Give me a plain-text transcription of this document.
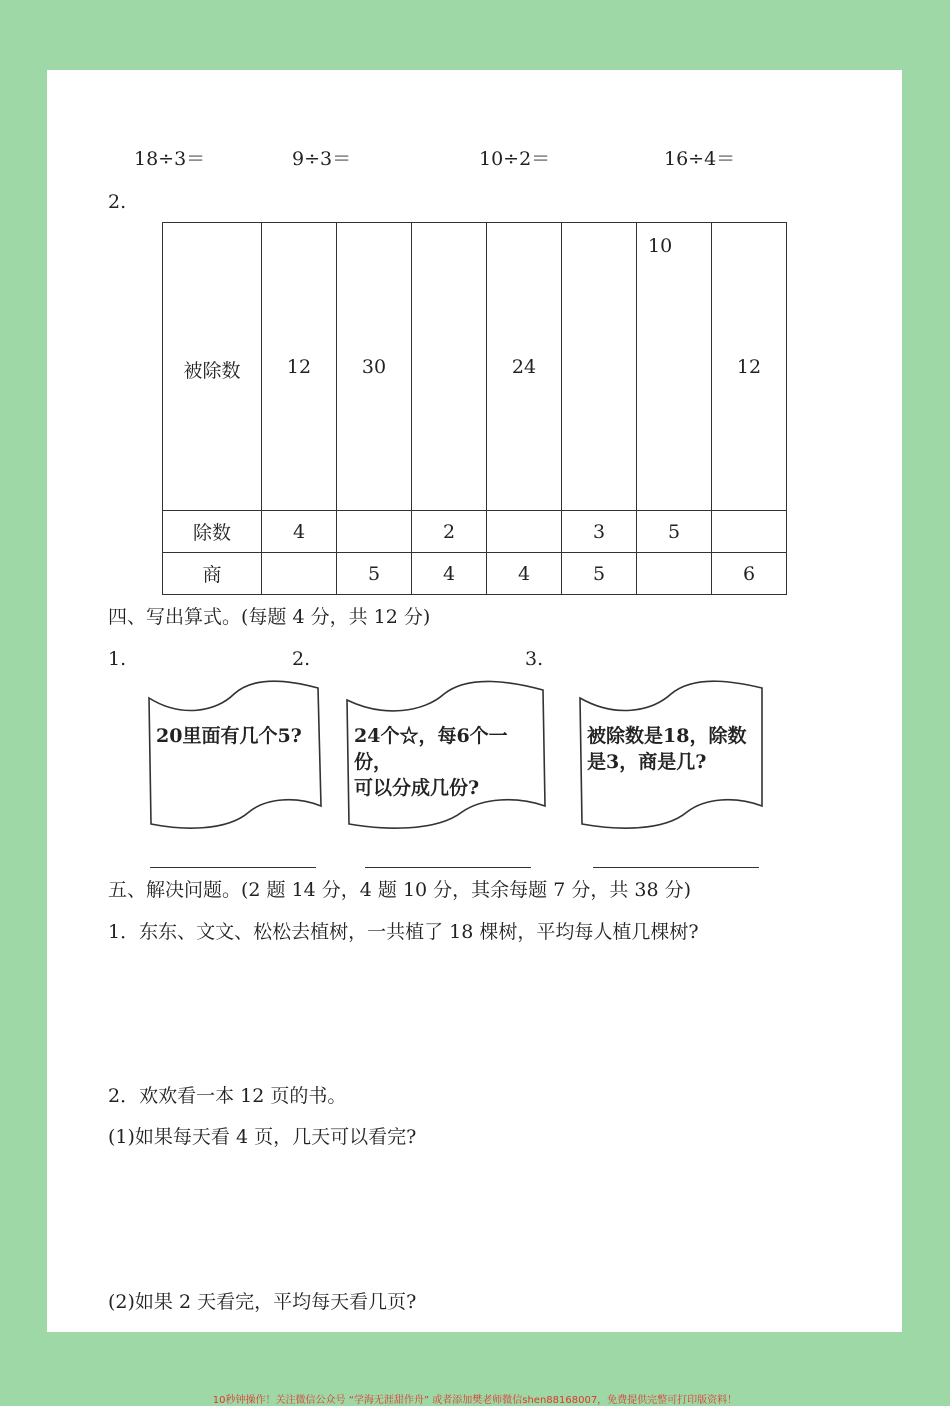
18÷3＝	9÷3＝	10÷2＝	16÷4＝
2.
被除数	12	30		24		10	12

除数	4		2		3	5	
商		5	4	4	5		6
四、写出算式。(每题 4 分，共 12 分)
1.	2.	3.
20里面有几个5?	24个☆，每6个一份，
可以分成几份?
被除数是18，除数
是3，商是几?
五、解决问题。(2 题 14 分，4 题 10 分，其余每题 7 分，共 38 分)
1．东东、文文、松松去植树，一共植了 18 棵树，平均每人植几棵树?
2．欢欢看一本 12 页的书。
(1)如果每天看 4 页，几天可以看完?
(2)如果 2 天看完，平均每天看几页?
10秒钟操作！关注微信公众号 “学海无涯甜作舟” 或者添加樊老师微信shen88168007，免费提供完整可打印版资料！
